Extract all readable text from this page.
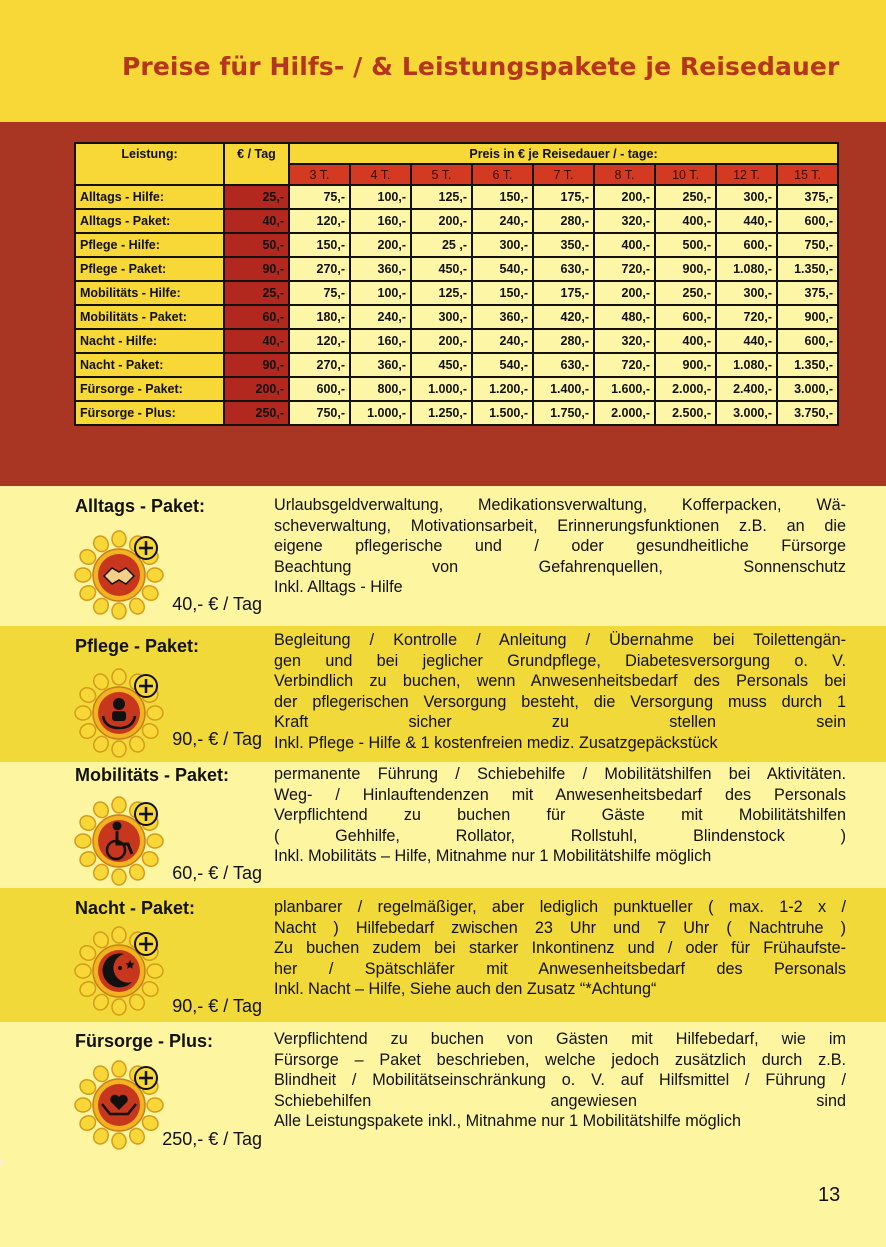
Preise für Hilfs- / & Leistungspakete je Reisedauer
Leistung:	€ / Tag	Preis in € je Reisedauer / - tage:								
		3 T.	4 T.	5 T.	6 T.	7 T.	8 T.	10 T.	12 T.	15 T.
Alltags - Hilfe:	25,-	75,-	100,-	125,-	150,-	175,-	200,-	250,-	300,-	375,-
Alltags - Paket:	40,-	120,-	160,-	200,-	240,-	280,-	320,-	400,-	440,-	600,-
Pflege - Hilfe:	50,-	150,-	200,-	25 ,-	300,-	350,-	400,-	500,-	600,-	750,-
Pflege - Paket:	90,-	270,-	360,-	450,-	540,-	630,-	720,-	900,-	1.080,-	1.350,-
Mobilitäts - Hilfe:	25,-	75,-	100,-	125,-	150,-	175,-	200,-	250,-	300,-	375,-
Mobilitäts - Paket:	60,-	180,-	240,-	300,-	360,-	420,-	480,-	600,-	720,-	900,-
Nacht - Hilfe:	40,-	120,-	160,-	200,-	240,-	280,-	320,-	400,-	440,-	600,-
Nacht - Paket:	90,-	270,-	360,-	450,-	540,-	630,-	720,-	900,-	1.080,-	1.350,-
Fürsorge - Paket:	200,-	600,-	800,-	1.000,-	1.200,-	1.400,-	1.600,-	2.000,-	2.400,-	3.000,-
Fürsorge - Plus:	250,-	750,-	1.000,-	1.250,-	1.500,-	1.750,-	2.000,-	2.500,-	3.000,-	3.750,-
Alltags - Paket:
40,- € / Tag
Urlaubsgeldverwaltung, Medikationsverwaltung, Kofferpacken, Wä-
scheverwaltung, Motivationsarbeit, Erinnerungsfunktionen z.B. an die
eigene pflegerische und / oder gesundheitliche Fürsorge
Beachtung von Gefahrenquellen, Sonnenschutz
Inkl. Alltags - Hilfe
Pflege - Paket:
90,- € / Tag
Begleitung / Kontrolle / Anleitung / Übernahme bei Toilettengän-
gen und bei jeglicher Grundpflege, Diabetesversorgung o. V.
Verbindlich zu buchen, wenn Anwesenheitsbedarf des Personals bei
der pflegerischen Versorgung besteht, die Versorgung muss durch 1
Kraft sicher zu stellen sein
Inkl. Pflege - Hilfe & 1 kostenfreien mediz. Zusatzgepäckstück
Mobilitäts - Paket:
60,- € / Tag
permanente Führung / Schiebehilfe / Mobilitätshilfen bei Aktivitäten.
Weg- / Hinlauftendenzen mit Anwesenheitsbedarf des Personals
Verpflichtend zu buchen für Gäste mit Mobilitätshilfen
( Gehhilfe, Rollator, Rollstuhl, Blindenstock )
Inkl. Mobilitäts – Hilfe, Mitnahme nur 1 Mobilitätshilfe möglich
Nacht - Paket:
90,- € / Tag
planbarer / regelmäßiger, aber lediglich punktueller ( max. 1-2 x /
Nacht ) Hilfebedarf zwischen 23 Uhr und 7 Uhr ( Nachtruhe )
Zu buchen zudem bei starker Inkontinenz und / oder für Frühaufste-
her / Spätschläfer mit Anwesenheitsbedarf des Personals
Inkl. Nacht – Hilfe, Siehe auch den Zusatz “*Achtung“
Fürsorge - Plus:
250,- € / Tag
Verpflichtend zu buchen von Gästen mit Hilfebedarf, wie im
Fürsorge – Paket beschrieben, welche jedoch zusätzlich durch z.B.
Blindheit / Mobilitätseinschränkung o. V. auf Hilfsmittel / Führung /
Schiebehilfen angewiesen sind
Alle Leistungspakete inkl., Mitnahme nur 1 Mobilitätshilfe möglich
13
